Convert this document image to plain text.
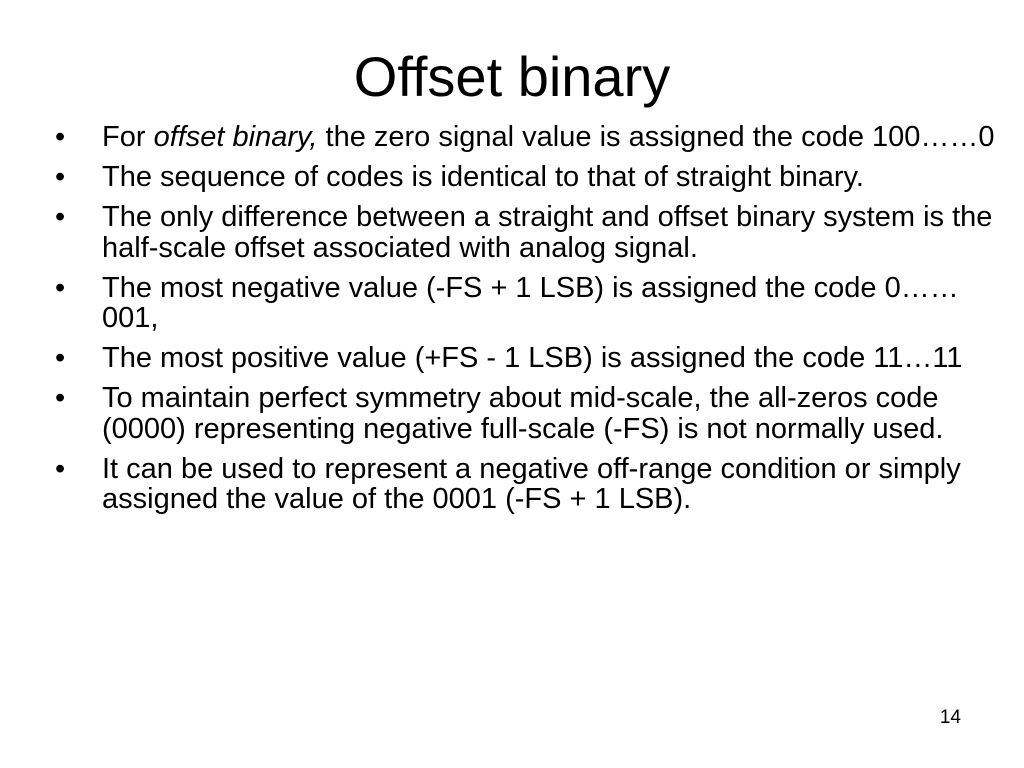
Offset binary
•	For offset binary, the zero signal value is assigned the code 100……0
•	The sequence of codes is identical to that of straight binary.
•	The only difference between a straight and offset binary system is the half-scale offset associated with analog signal.
•	The most negative value (-FS + 1 LSB) is assigned the code 0……001,
•	The most positive value (+FS - 1 LSB) is assigned the code 11…11
•	To maintain perfect symmetry about mid-scale, the all-zeros code (0000) representing negative full-scale (-FS) is not normally used.
•	It can be used to represent a negative off-range condition or simply assigned the value of the 0001 (-FS + 1 LSB).
14
